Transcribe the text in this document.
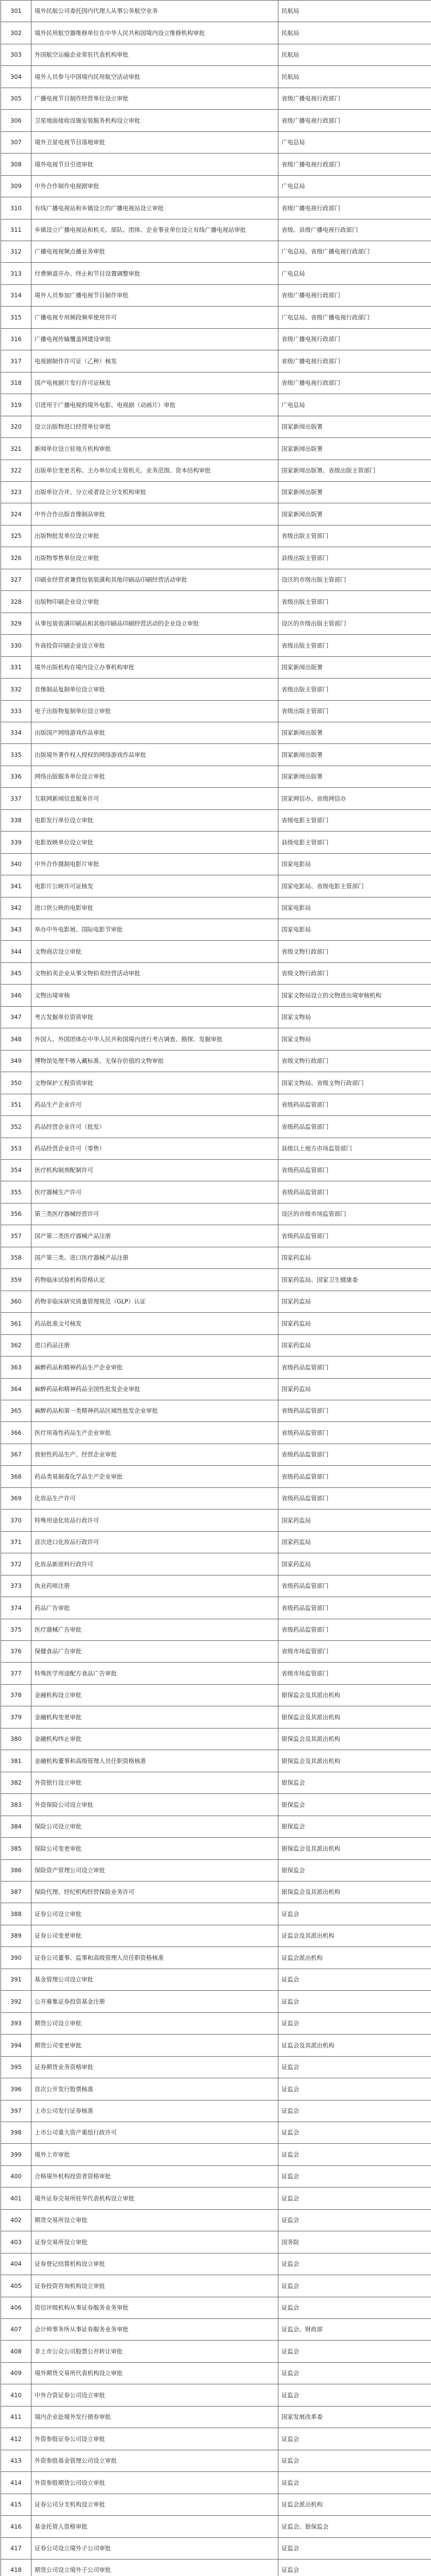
301	境外民航公司委托国内代理人从事公务航空业务	民航局

302	境外民用航空器维修单位在中华人民共和国境内设立维修机构审批	民航局

303	外国航空运输企业常驻代表机构审批	民航局

304	境外人员参与中国境内民用航空活动审批	民航局

305	广播电视节目制作经营单位设立审批	省级广播电视行政部门

306	卫星地面接收设施安装服务机构设立审批	省级广播电视行政部门

307	境外卫星电视节目落地审批	广电总局

308	境外电视节目引进审批	省级广播电视行政部门

309	中外合作制作电视剧审批	广电总局

310	有线广播电视站和乡镇设立的广播电视站设立审批	省级广播电视行政部门

311	乡镇设立广播电视站和机关、部队、团体、企业事业单位设立有线广播电视站审批	省级、县级广播电视行政部门

312	广播电视视频点播业务审批	广电总局、省级广播电视行政部门

313	付费频道开办、终止和节目设置调整审批	广电总局

314	境外人员参加广播电视节目制作审批	省级广播电视行政部门

315	广播电视专用频段频率使用许可	广电总局、省级广播电视行政部门

316	广播电视传输覆盖网建设审批	省级广播电视行政部门

317	电视剧制作许可证（乙种）核发	省级广播电视行政部门

318	国产电视剧片发行许可证核发	省级广播电视行政部门

319	引进用于广播电视的境外电影、电视剧（动画片）审批	广电总局

320	设立出版物进口经营单位审批	国家新闻出版署

321	新闻单位设立驻地方机构审批	国家新闻出版署

322	出版单位变更名称、主办单位或主管机关、业务范围、资本结构审批	国家新闻出版署、省级出版主管部门

323	出版单位合并、分立或者设立分支机构审批	国家新闻出版署

324	中外合作出版音像制品审批	国家新闻出版署

325	出版物批发单位设立审批	省级出版主管部门

326	出版物零售单位设立审批	县级出版主管部门

327	印刷业经营者兼营包装装潢和其他印刷品印刷经营活动审批	设区的市级出版主管部门

328	出版物印刷企业设立审批	省级出版主管部门

329	从事包装装潢印刷品和其他印刷品印刷经营活动的企业设立审批	设区的市级出版主管部门

330	外商投资印刷企业设立审批	省级出版主管部门

331	境外出版机构在境内设立办事机构审批	国家新闻出版署

332	音像制品复制单位设立审批	省级出版主管部门

333	电子出版物复制单位设立审批	省级出版主管部门

334	出版国产网络游戏作品审批	国家新闻出版署

335	出版境外著作权人授权的网络游戏作品审批	国家新闻出版署

336	网络出版服务单位设立审批	国家新闻出版署

337	互联网新闻信息服务许可	国家网信办、省级网信办

338	电影发行单位设立审批	省级电影主管部门

339	电影放映单位设立审批	县级电影主管部门

340	中外合作摄制电影片审批	国家电影局

341	电影片公映许可证核发	国家电影局、省级电影主管部门

342	进口供公映的电影审批	国家电影局

343	举办中外电影展、国际电影节审批	国家电影局

344	文物商店设立审批	省级文物行政部门

345	文物拍卖企业从事文物拍卖经营活动审批	省级文物行政部门

346	文物出境审核	国家文物局设立的文物进出境审核机构

347	考古发掘单位资质审批	国家文物局

348	外国人、外国团体在中华人民共和国境内进行考古调查、勘探、发掘审批	国家文物局

349	博物馆处理不够入藏标准、无保存价值的文物审批	省级文物行政部门

350	文物保护工程资质审批	国家文物局、省级文物行政部门

351	药品生产企业许可	省级药品监管部门

352	药品经营企业许可（批发）	省级药品监管部门

353	药品经营企业许可（零售）	县级以上地方市场监管部门

354	医疗机构制剂配制许可	省级药品监管部门

355	医疗器械生产许可	省级药品监管部门

356	第三类医疗器械经营许可	设区的市级市场监管部门

357	国产第二类医疗器械产品注册	省级药品监管部门

358	国产第三类、进口医疗器械产品注册	国家药监局

359	药物临床试验机构资格认定	国家药监局、国家卫生健康委

360	药物非临床研究质量管理规范（GLP）认证	国家药监局

361	药品批准文号核发	国家药监局

362	进口药品注册	国家药监局

363	麻醉药品和精神药品生产企业审批	省级药品监管部门

364	麻醉药品和精神药品全国性批发企业审批	国家药监局

365	麻醉药品和第一类精神药品区域性批发企业审批	省级药品监管部门

366	医疗用毒性药品生产企业审批	省级药品监管部门

367	放射性药品生产、经营企业审批	省级药品监管部门

368	药品类易制毒化学品生产企业审批	省级药品监管部门

369	化妆品生产许可	省级药品监管部门

370	特殊用途化妆品行政许可	国家药监局

371	首次进口化妆品行政许可	国家药监局

372	化妆品新原料行政许可	国家药监局

373	执业药师注册	省级药品监管部门

374	药品广告审批	省级药品监管部门

375	医疗器械广告审批	省级药品监管部门

376	保健食品广告审批	省级市场监管部门

377	特殊医学用途配方食品广告审批	省级市场监管部门

378	金融机构设立审批	银保监会及其派出机构

379	金融机构变更审批	银保监会及其派出机构

380	金融机构终止审批	银保监会及其派出机构

381	金融机构董事和高级管理人员任职资格核准	银保监会及其派出机构

382	外资银行设立审批	银保监会

383	外资保险公司设立审批	银保监会

384	保险公司设立审批	银保监会

385	保险公司变更审批	银保监会及其派出机构

386	保险资产管理公司设立审批	银保监会

387	保险代理、经纪机构经营保险业务许可	银保监会及其派出机构

388	证券公司设立审批	证监会

389	证券公司变更审批	证监会及其派出机构

390	证券公司董事、监事和高级管理人员任职资格核准	证监会派出机构

391	基金管理公司设立审批	证监会

392	公开募集证券投资基金注册	证监会

393	期货公司设立审批	证监会

394	期货公司变更审批	证监会及其派出机构

395	证券期货业务资格审批	证监会

396	首次公开发行股票核准	证监会

397	上市公司发行证券核准	证监会

398	上市公司重大资产重组行政许可	证监会

399	境外上市审批	证监会

400	合格境外机构投资者资格审批	证监会

401	境外证券交易所驻华代表机构设立审批	证监会

402	期货交易所设立审批	证监会

403	证券交易所设立审批	国务院

404	证券登记结算机构设立审批	证监会

405	证券投资咨询机构设立审批	证监会

406	资信评级机构从事证券服务业务审批	证监会

407	会计师事务所从事证券服务业务审批	证监会、财政部

408	非上市公众公司股票公开转让审批	证监会

409	境外期货交易所代表机构设立审批	证监会

410	中外合资证券公司设立审批	证监会

411	境内企业赴境外发行债券审批	国家发展改革委

412	外资参股证券公司设立审批	证监会

413	外资参股基金管理公司设立审批	证监会

414	外资参股期货公司设立审批	证监会

415	证券公司分支机构设立审批	证监会派出机构

416	基金托管人资格审批	证监会、银保监会

417	证券公司设立境外子公司审批	证监会

418	期货公司设立境外子公司审批	证监会
